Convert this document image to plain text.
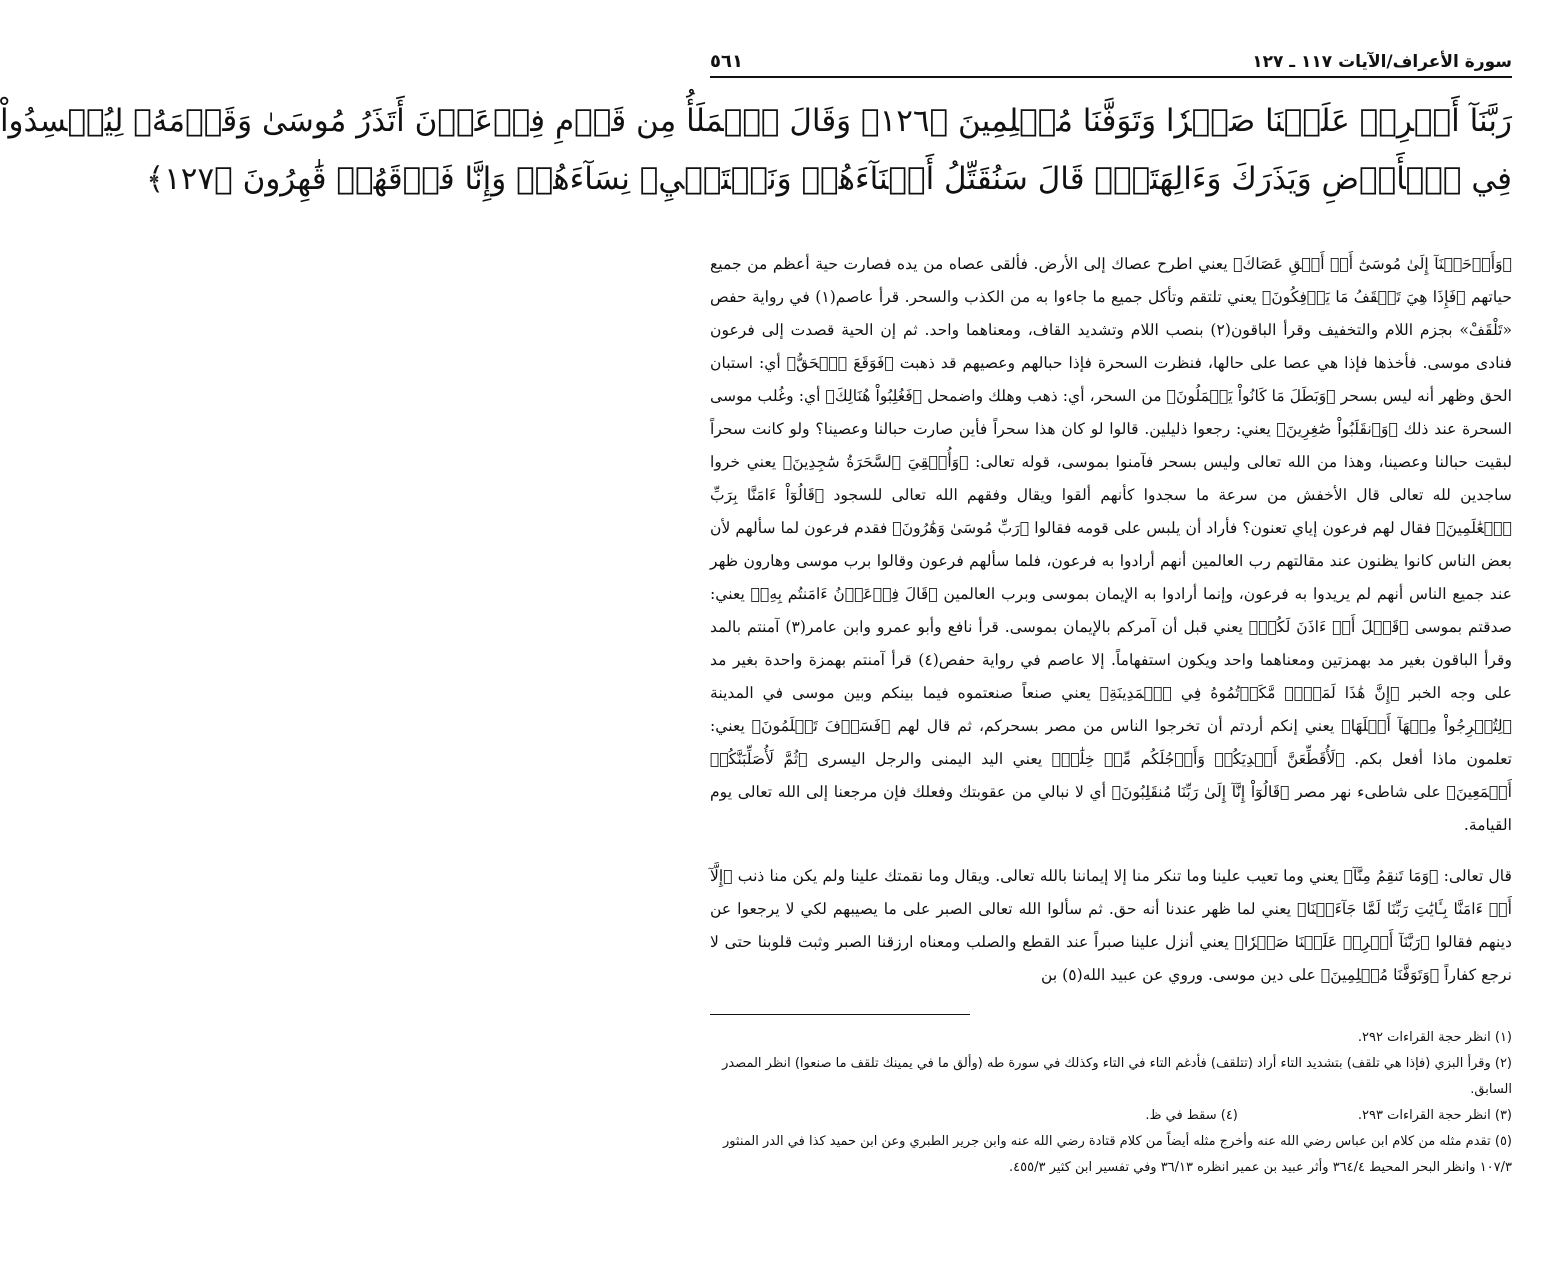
سورة الأعراف/الآيات ١١٧ ـ ١٢٧
٥٦١
رَبَّنَآ أَفۡرِغۡ عَلَيۡنَا صَبۡرٗا وَتَوَفَّنَا مُسۡلِمِينَ ﴿١٢٦﴾ وَقَالَ ٱلۡمَلَأُ مِن قَوۡمِ فِرۡعَوۡنَ أَتَذَرُ مُوسَىٰ وَقَوۡمَهُۥ لِيُفۡسِدُواْ
فِي ٱلۡأَرۡضِ وَيَذَرَكَ وَءَالِهَتَكَۚ قَالَ سَنُقَتِّلُ أَبۡنَآءَهُمۡ وَنَسۡتَحۡيِۦ نِسَآءَهُمۡ وَإِنَّا فَوۡقَهُمۡ قَٰهِرُونَ ﴿١٢٧﴾

﴿وَأَوۡحَيۡنَآ إِلَىٰ مُوسَىٰٓ أَنۡ أَلۡقِ عَصَاكَ﴾ يعني اطرح عصاك إلى الأرض. فألقى عصاه من يده فصارت حية أعظم من جميع حياتهم ﴿فَإِذَا هِيَ تَلۡقَفُ مَا يَأۡفِكُونَ﴾ يعني تلتقم وتأكل جميع ما جاءوا به من الكذب والسحر. قرأ عاصم(١) في رواية حفص «تَلْقَفْ» بجزم اللام والتخفيف وقرأ الباقون(٢) بنصب اللام وتشديد القاف، ومعناهما واحد. ثم إن الحية قصدت إلى فرعون فنادى موسى. فأخذها فإذا هي عصا على حالها، فنظرت السحرة فإذا حبالهم وعصيهم قد ذهبت ﴿فَوَقَعَ ٱلۡحَقُّ﴾ أي: استبان الحق وظهر أنه ليس بسحر ﴿وَبَطَلَ مَا كَانُواْ يَعۡمَلُونَ﴾ من السحر، أي: ذهب وهلك واضمحل ﴿فَغُلِبُواْ هُنَالِكَ﴾ أي: وغُلب موسى السحرة عند ذلك ﴿وَٱنقَلَبُواْ صَٰغِرِينَ﴾ يعني: رجعوا ذليلين. قالوا لو كان هذا سحراً فأين صارت حبالنا وعصينا؟ ولو كانت سحراً لبقيت حبالنا وعصينا، وهذا من الله تعالى وليس بسحر فآمنوا بموسى، قوله تعالى: ﴿وَأُلۡقِيَ ٱلسَّحَرَةُ سَٰجِدِينَ﴾ يعني خروا ساجدين لله تعالى قال الأخفش من سرعة ما سجدوا كأنهم ألقوا ويقال وفقهم الله تعالى للسجود ﴿قَالُوٓاْ ءَامَنَّا بِرَبِّ ٱلۡعَٰلَمِينَ﴾ فقال لهم فرعون إياي تعنون؟ فأراد أن يلبس على قومه فقالوا ﴿رَبِّ مُوسَىٰ وَهَٰرُونَ﴾ فقدم فرعون لما سألهم لأن بعض الناس كانوا يظنون عند مقالتهم رب العالمين أنهم أرادوا به فرعون، فلما سألهم فرعون وقالوا برب موسى وهارون ظهر عند جميع الناس أنهم لم يريدوا به فرعون، وإنما أرادوا به الإيمان بموسى وبرب العالمين ﴿قَالَ فِرۡعَوۡنُ ءَامَنتُم بِهِۦ﴾ يعني: صدقتم بموسى ﴿قَبۡلَ أَنۡ ءَاذَنَ لَكُمۡ﴾ يعني قبل أن آمركم بالإيمان بموسى. قرأ نافع وأبو عمرو وابن عامر(٣) آمنتم بالمد وقرأ الباقون بغير مد بهمزتين ومعناهما واحد ويكون استفهاماً. إلا عاصم في رواية حفص(٤) قرأ آمنتم بهمزة واحدة بغير مد على وجه الخبر ﴿إِنَّ هَٰذَا لَمَكۡرٞ مَّكَرۡتُمُوهُ فِي ٱلۡمَدِينَةِ﴾ يعني صنعاً صنعتموه فيما بينكم وبين موسى في المدينة ﴿لِتُخۡرِجُواْ مِنۡهَآ أَهۡلَهَا﴾ يعني إنكم أردتم أن تخرجوا الناس من مصر بسحركم، ثم قال لهم ﴿فَسَوۡفَ تَعۡلَمُونَ﴾ يعني: تعلمون ماذا أفعل بكم. ﴿لَأُقَطِّعَنَّ أَيۡدِيَكُمۡ وَأَرۡجُلَكُم مِّنۡ خِلَٰفٖ﴾ يعني اليد اليمنى والرجل اليسرى ﴿ثُمَّ لَأُصَلِّبَنَّكُمۡ أَجۡمَعِينَ﴾ على شاطىء نهر مصر ﴿قَالُوٓاْ إِنَّآ إِلَىٰ رَبِّنَا مُنقَلِبُونَ﴾ أي لا نبالي من عقوبتك وفعلك فإن مرجعنا إلى الله تعالى يوم القيامة.

قال تعالى: ﴿وَمَا تَنقِمُ مِنَّآ﴾ يعني وما تعيب علينا وما تنكر منا إلا إيماننا بالله تعالى. ويقال وما نقمتك علينا ولم يكن منا ذنب ﴿إِلَّآ أَنۡ ءَامَنَّا بِـَٔايَٰتِ رَبِّنَا لَمَّا جَآءَتۡنَا﴾ يعني لما ظهر عندنا أنه حق. ثم سألوا الله تعالى الصبر على ما يصيبهم لكي لا يرجعوا عن دينهم فقالوا ﴿رَبَّنَآ أَفۡرِغۡ عَلَيۡنَا صَبۡرٗا﴾ يعني أنزل علينا صبراً عند القطع والصلب ومعناه ارزقنا الصبر وثبت قلوبنا حتى لا نرجع كفاراً ﴿وَتَوَفَّنَا مُسۡلِمِينَ﴾ على دين موسى. وروي عن عبيد الله(٥) بن

(١) انظر حجة القراءات ٢٩٢.
(٢) وقرأ البزي (فإذا هي تلقف) بتشديد التاء أراد (تتلقف) فأدغم التاء في التاء وكذلك في سورة طه (وألق ما في يمينك تلقف ما صنعوا) انظر المصدر السابق.
(٣) انظر حجة القراءات ٢٩٣.
(٤) سقط في ظ.
(٥) تقدم مثله من كلام ابن عباس رضي الله عنه وأخرج مثله أيضاً من كلام قتادة رضي الله عنه وابن جرير الطبري وعن ابن حميد كذا في الدر المنثور ١٠٧/٣ وانظر البحر المحيط ٣٦٤/٤ وأثر عبيد بن عمير انظره ٣٦/١٣ وفي تفسير ابن كثير ٤٥٥/٣.
